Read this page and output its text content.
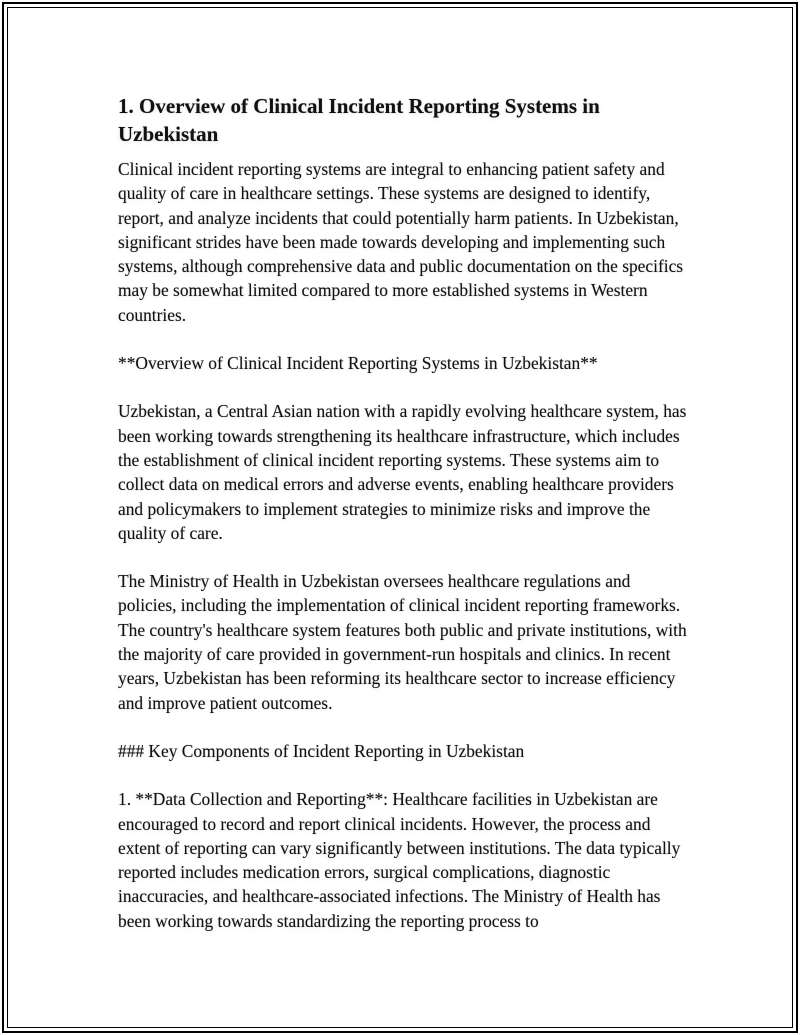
1. Overview of Clinical Incident Reporting Systems in Uzbekistan

Clinical incident reporting systems are integral to enhancing patient safety and quality of care in healthcare settings. These systems are designed to identify, report, and analyze incidents that could potentially harm patients. In Uzbekistan, significant strides have been made towards developing and implementing such systems, although comprehensive data and public documentation on the specifics may be somewhat limited compared to more established systems in Western countries.

**Overview of Clinical Incident Reporting Systems in Uzbekistan**

Uzbekistan, a Central Asian nation with a rapidly evolving healthcare system, has been working towards strengthening its healthcare infrastructure, which includes the establishment of clinical incident reporting systems. These systems aim to collect data on medical errors and adverse events, enabling healthcare providers and policymakers to implement strategies to minimize risks and improve the quality of care.

The Ministry of Health in Uzbekistan oversees healthcare regulations and policies, including the implementation of clinical incident reporting frameworks. The country's healthcare system features both public and private institutions, with the majority of care provided in government-run hospitals and clinics. In recent years, Uzbekistan has been reforming its healthcare sector to increase efficiency and improve patient outcomes.

### Key Components of Incident Reporting in Uzbekistan

1. **Data Collection and Reporting**: Healthcare facilities in Uzbekistan are encouraged to record and report clinical incidents. However, the process and extent of reporting can vary significantly between institutions. The data typically reported includes medication errors, surgical complications, diagnostic inaccuracies, and healthcare-associated infections. The Ministry of Health has been working towards standardizing the reporting process to
